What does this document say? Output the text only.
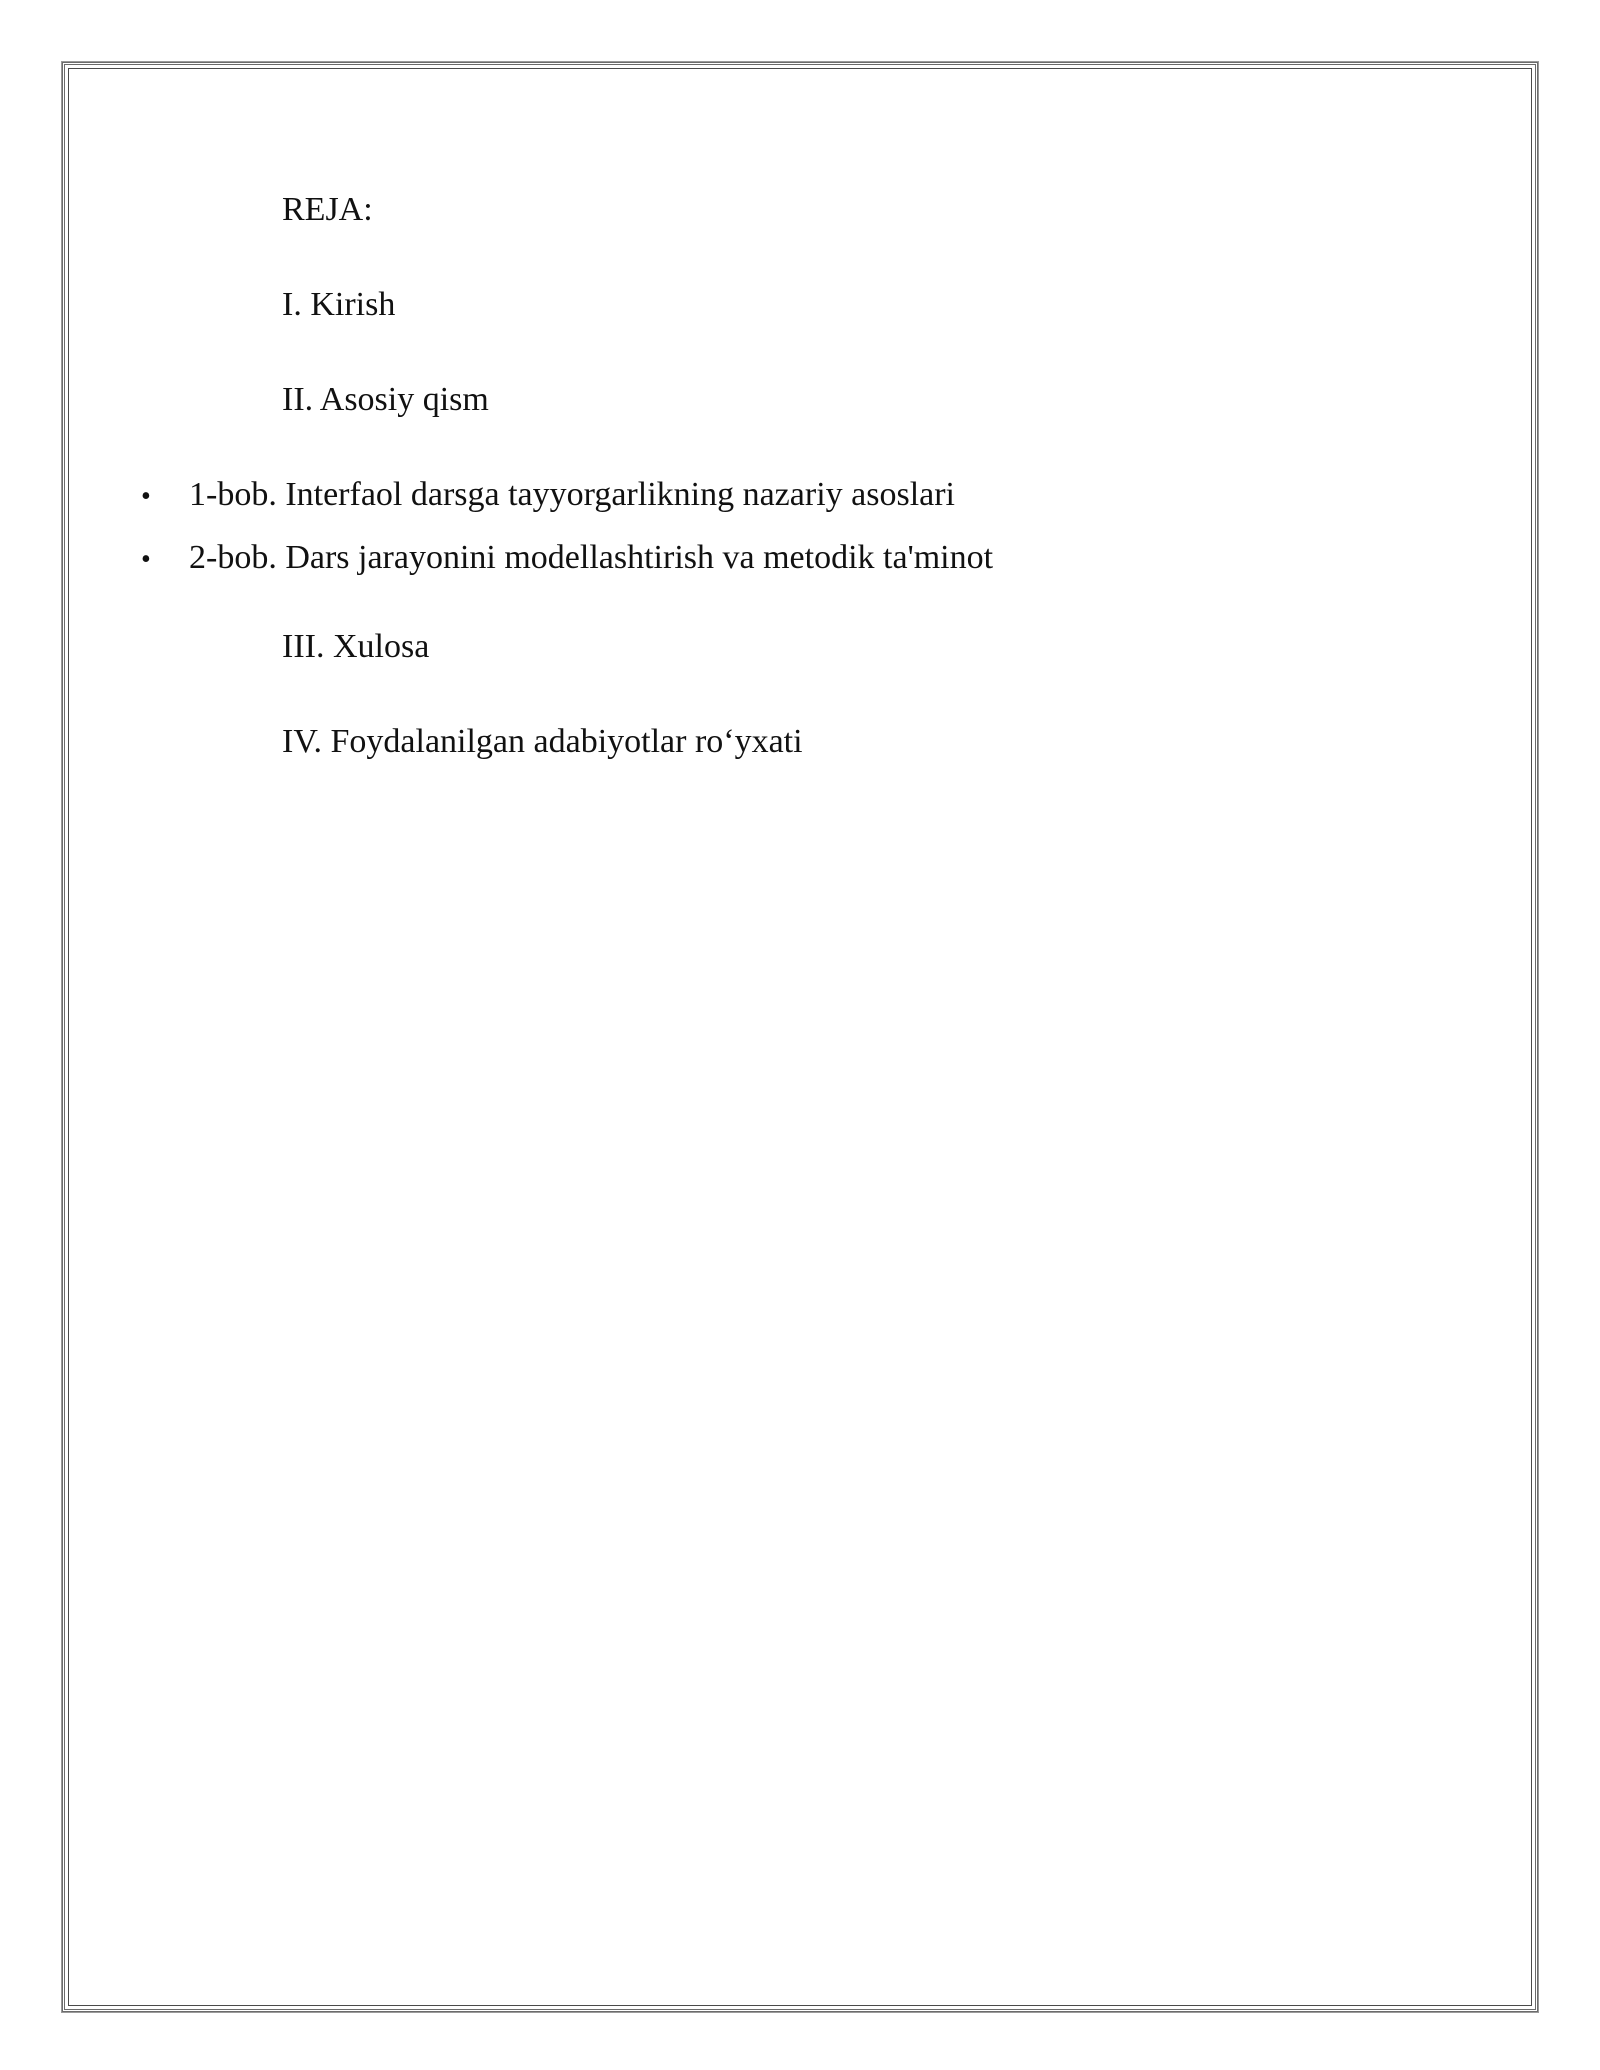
REJA:
I. Kirish
II. Asosiy qism
•	1-bob. Interfaol darsga tayyorgarlikning nazariy asoslari
•	2-bob. Dars jarayonini modellashtirish va metodik ta'minot
III. Xulosa
IV. Foydalanilgan adabiyotlar ro‘yxati
